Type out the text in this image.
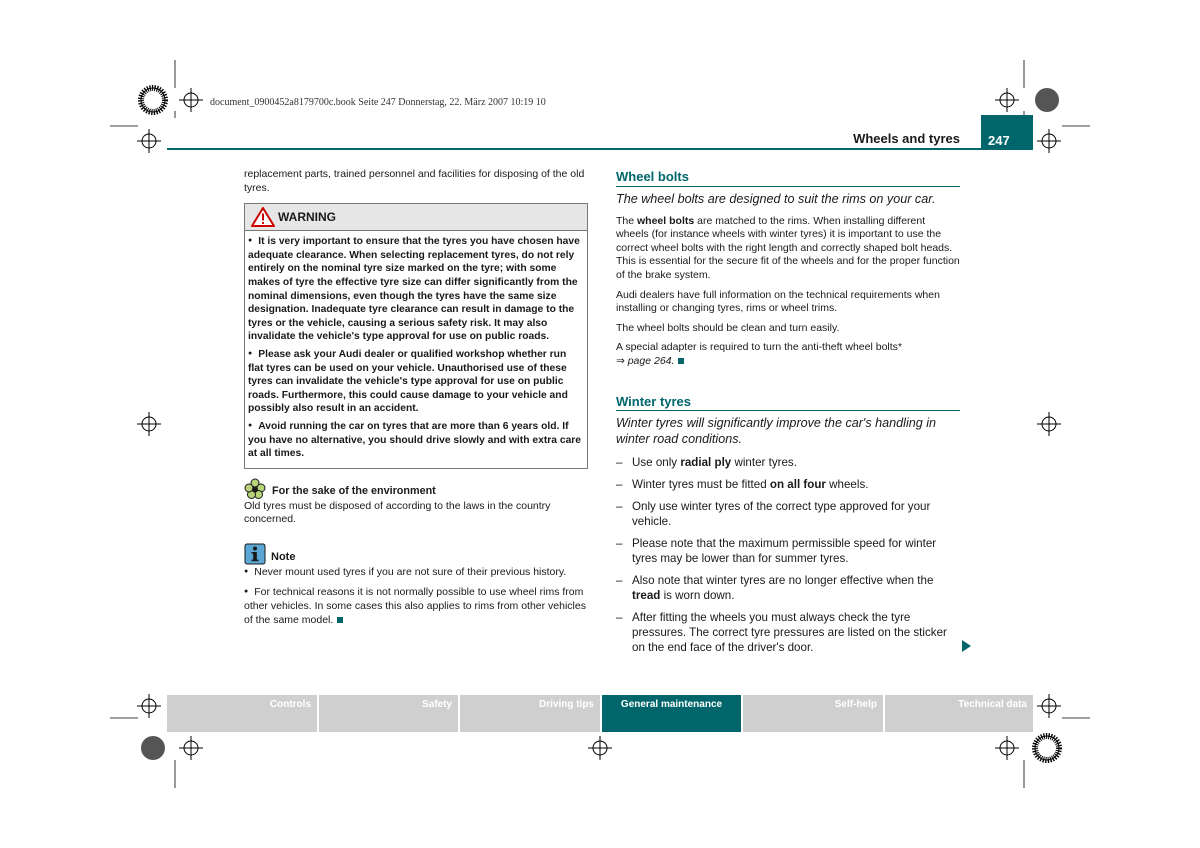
document_0900452a8179700c.book Seite 247 Donnerstag, 22. März 2007 10:19 10
Wheels and tyres 247

replacement parts, trained personnel and facilities for disposing of the old tyres.

WARNING

● It is very important to ensure that the tyres you have chosen have adequate clearance. When selecting replacement tyres, do not rely entirely on the nominal tyre size marked on the tyre; with some makes of tyre the effective tyre size can differ significantly from the nominal dimensions, even though the tyres have the same size designation. Inadequate tyre clearance can result in damage to the tyres or the vehicle, causing a serious safety risk. It may also invalidate the vehicle's type approval for use on public roads.

● Please ask your Audi dealer or qualified workshop whether run flat tyres can be used on your vehicle. Unauthorised use of these tyres can invalidate the vehicle's type approval for use on public roads. Furthermore, this could cause damage to your vehicle and possibly also result in an accident.

● Avoid running the car on tyres that are more than 6 years old. If you have no alternative, you should drive slowly and with extra care at all times.

For the sake of the environment

Old tyres must be disposed of according to the laws in the country concerned.

Note

● Never mount used tyres if you are not sure of their previous history.

● For technical reasons it is not normally possible to use wheel rims from other vehicles. In some cases this also applies to rims from other vehicles of the same model.

Wheel bolts
The wheel bolts are designed to suit the rims on your car.

The wheel bolts are matched to the rims. When installing different wheels (for instance wheels with winter tyres) it is important to use the correct wheel bolts with the right length and correctly shaped bolt heads. This is essential for the secure fit of the wheels and for the proper function of the brake system.

Audi dealers have full information on the technical requirements when installing or changing tyres, rims or wheel trims.

The wheel bolts should be clean and turn easily.

A special adapter is required to turn the anti-theft wheel bolts*
⇒ page 264.

Winter tyres
Winter tyres will significantly improve the car's handling in winter road conditions.

– Use only radial ply winter tyres.

– Winter tyres must be fitted on all four wheels.

– Only use winter tyres of the correct type approved for your vehicle.

– Please note that the maximum permissible speed for winter tyres may be lower than for summer tyres.

– Also note that winter tyres are no longer effective when the tread is worn down.

– After fitting the wheels you must always check the tyre pressures. The correct tyre pressures are listed on the sticker on the end face of the driver's door.

Controls	Safety	Driving tips	General maintenance	Self-help	Technical data
